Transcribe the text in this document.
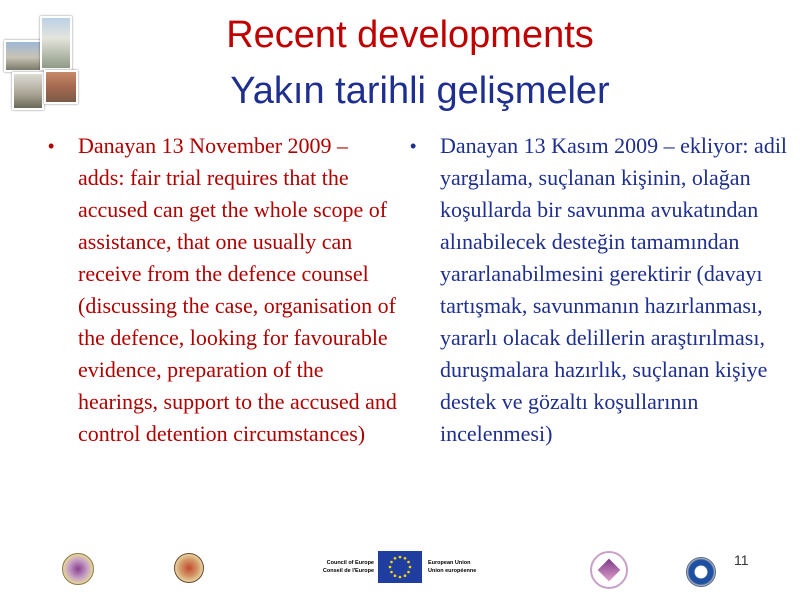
Recent developments
Yakın tarihli gelişmeler
• Danayan 13 November 2009 – adds: fair trial requires that the accused can get the whole scope of assistance, that one usually can receive from the defence counsel (discussing the case, organisation of the defence, looking for favourable evidence, preparation of the hearings, support to the accused and control detention circumstances)
• Danayan 13 Kasım 2009 – ekliyor: adil yargılama, suçlanan kişinin, olağan koşullarda bir savunma avukatından alınabilecek desteğin tamamından yararlanabilmesini gerektirir (davayı tartışmak, savunmanın hazırlanması, yararlı olacak delillerin araştırılması, duruşmalara hazırlık, suçlanan kişiye destek ve gözaltı koşullarının incelenmesi)
Council of Europe
Conseil de l'Europe
European Union
Union européenne
11
